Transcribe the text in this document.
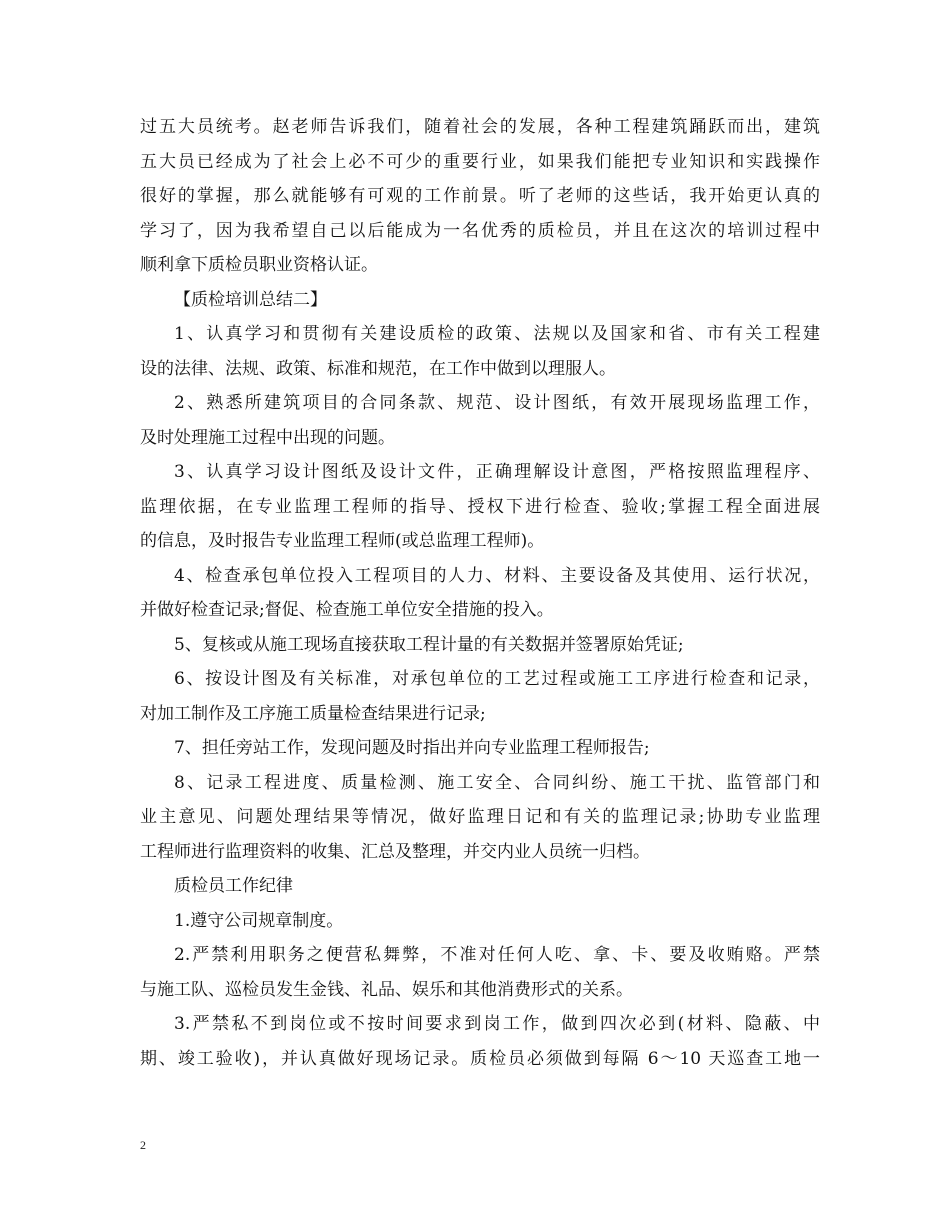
过五大员统考。赵老师告诉我们，随着社会的发展，各种工程建筑踊跃而出，建筑
五大员已经成为了社会上必不可少的重要行业，如果我们能把专业知识和实践操作
很好的掌握，那么就能够有可观的工作前景。听了老师的这些话，我开始更认真的
学习了，因为我希望自己以后能成为一名优秀的质检员，并且在这次的培训过程中
顺利拿下质检员职业资格认证。
【质检培训总结二】
1、认真学习和贯彻有关建设质检的政策、法规以及国家和省、市有关工程建
设的法律、法规、政策、标准和规范，在工作中做到以理服人。
2、熟悉所建筑项目的合同条款、规范、设计图纸，有效开展现场监理工作，
及时处理施工过程中出现的问题。
3、认真学习设计图纸及设计文件，正确理解设计意图，严格按照监理程序、
监理依据，在专业监理工程师的指导、授权下进行检查、验收;掌握工程全面进展
的信息，及时报告专业监理工程师(或总监理工程师)。
4、检查承包单位投入工程项目的人力、材料、主要设备及其使用、运行状况，
并做好检查记录;督促、检查施工单位安全措施的投入。
5、复核或从施工现场直接获取工程计量的有关数据并签署原始凭证;
6、按设计图及有关标准，对承包单位的工艺过程或施工工序进行检查和记录，
对加工制作及工序施工质量检查结果进行记录;
7、担任旁站工作，发现问题及时指出并向专业监理工程师报告;
8、记录工程进度、质量检测、施工安全、合同纠纷、施工干扰、监管部门和
业主意见、问题处理结果等情况，做好监理日记和有关的监理记录;协助专业监理
工程师进行监理资料的收集、汇总及整理，并交内业人员统一归档。
质检员工作纪律
1.遵守公司规章制度。
2.严禁利用职务之便营私舞弊，不准对任何人吃、拿、卡、要及收贿赂。严禁
与施工队、巡检员发生金钱、礼品、娱乐和其他消费形式的关系。
3.严禁私不到岗位或不按时间要求到岗工作，做到四次必到(材料、隐蔽、中
期、竣工验收)，并认真做好现场记录。质检员必须做到每隔 6～10 天巡查工地一
2
